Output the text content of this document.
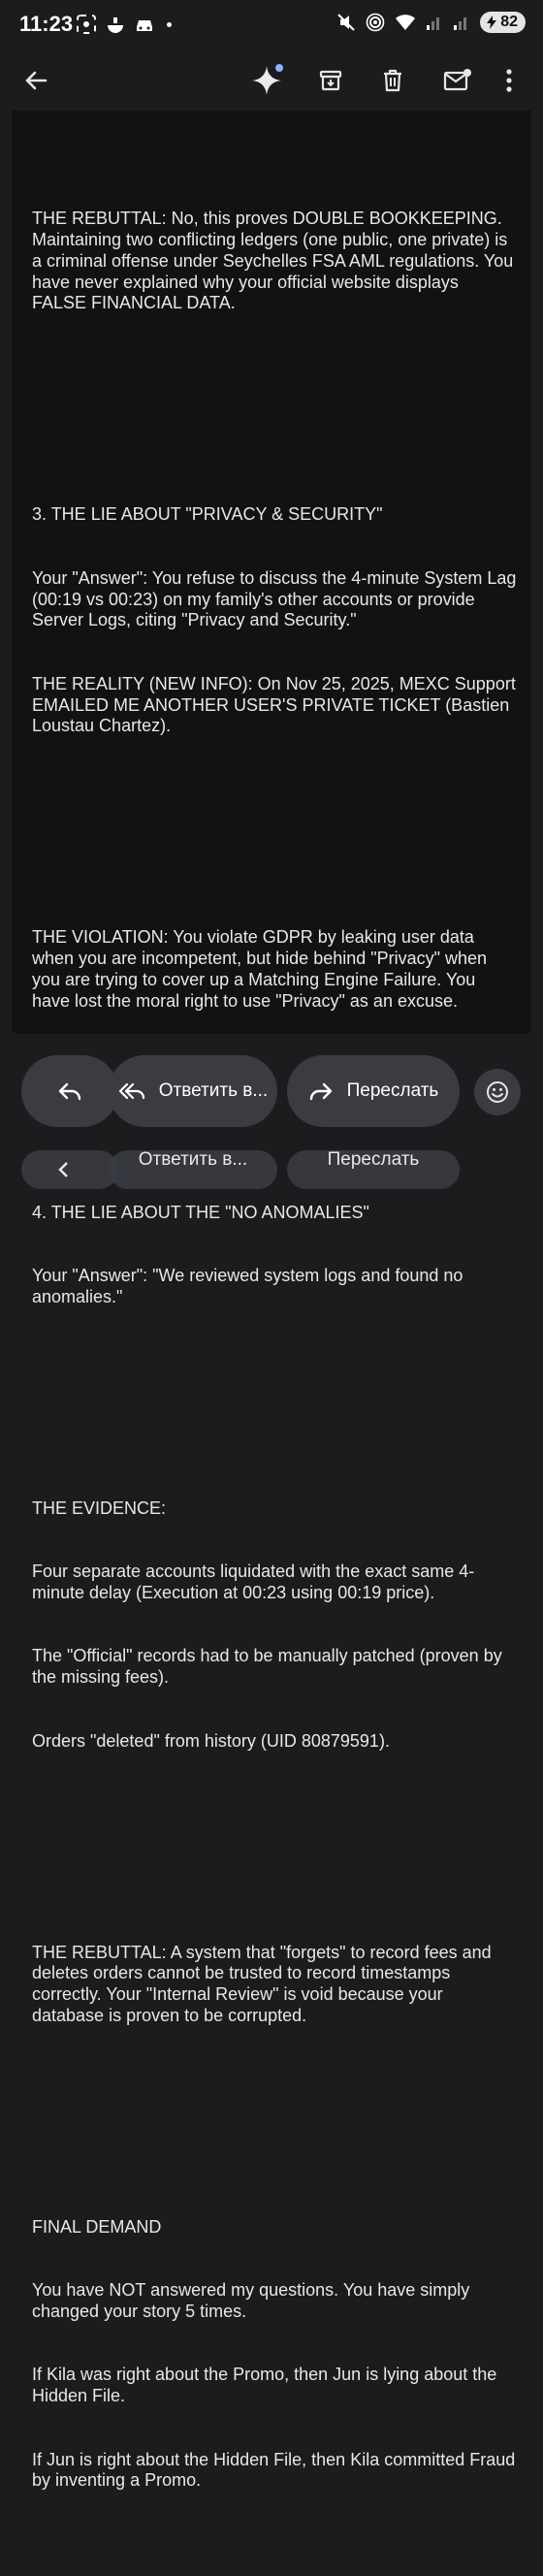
11:23	82

THE REBUTTAL: No, this proves DOUBLE BOOKKEEPING. Maintaining two conflicting ledgers (one public, one private) is a criminal offense under Seychelles FSA AML regulations. You have never explained why your official website displays FALSE FINANCIAL DATA.

3. THE LIE ABOUT "PRIVACY & SECURITY"

Your "Answer": You refuse to discuss the 4-minute System Lag (00:19 vs 00:23) on my family's other accounts or provide Server Logs, citing "Privacy and Security."

THE REALITY (NEW INFO): On Nov 25, 2025, MEXC Support EMAILED ME ANOTHER USER'S PRIVATE TICKET (Bastien Loustau Chartez).

THE VIOLATION: You violate GDPR by leaking user data when you are incompetent, but hide behind "Privacy" when you are trying to cover up a Matching Engine Failure. You have lost the moral right to use "Privacy" as an excuse.

4. THE LIE ABOUT THE "NO ANOMALIES"

Your "Answer": "We reviewed system logs and found no anomalies."

THE EVIDENCE:

Four separate accounts liquidated with the exact same 4-minute delay (Execution at 00:23 using 00:19 price).

The "Official" records had to be manually patched (proven by the missing fees).

Orders "deleted" from history (UID 80879591).

THE REBUTTAL: A system that "forgets" to record fees and deletes orders cannot be trusted to record timestamps correctly. Your "Internal Review" is void because your database is proven to be corrupted.

FINAL DEMAND

You have NOT answered my questions. You have simply changed your story 5 times.

If Kila was right about the Promo, then Jun is lying about the Hidden File.

If Jun is right about the Hidden File, then Kila committed Fraud by inventing a Promo.

Ответить в...	Переслать
Ответить в...	Переслать
